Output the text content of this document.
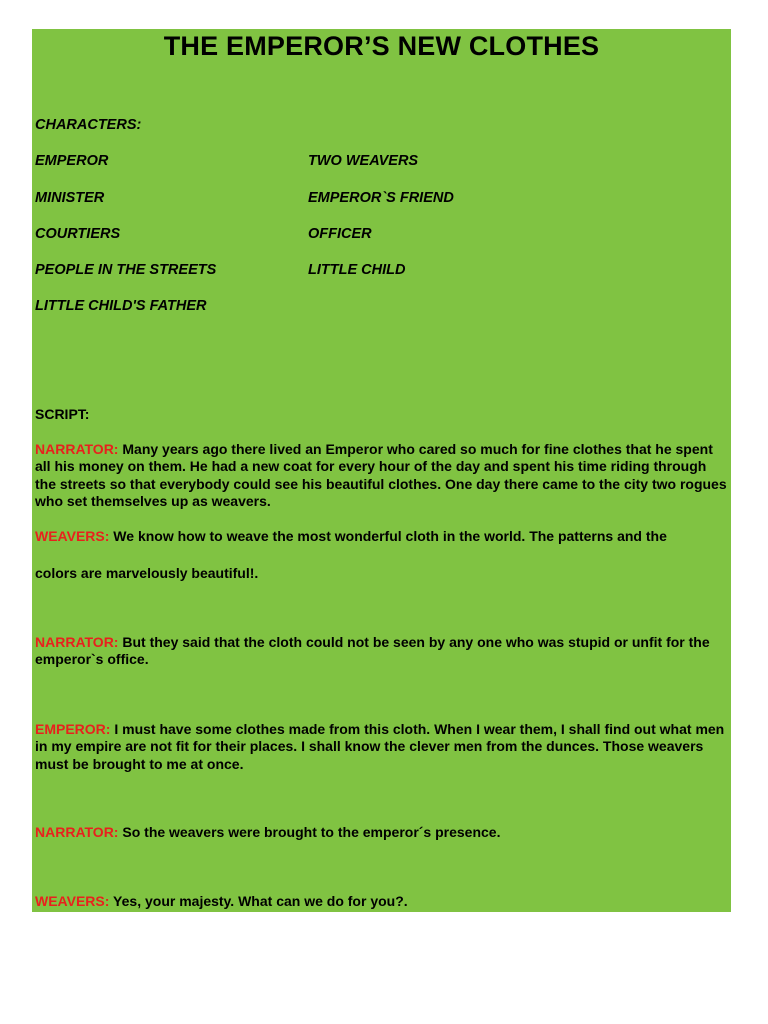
THE EMPEROR’S NEW CLOTHES

CHARACTERS:

EMPEROR	TWO WEAVERS

MINISTER	EMPEROR`S FRIEND

COURTIERS	OFFICER

PEOPLE IN THE STREETS	LITTLE CHILD

LITTLE CHILD'S FATHER

SCRIPT:

NARRATOR: Many years ago there lived an Emperor who cared so much for fine clothes that he spent all his money on them. He had a new coat for every hour of the day and spent his time riding through the streets so that everybody could see his beautiful clothes. One day there came to the city two rogues who set themselves up as weavers.

WEAVERS: We know how to weave the most wonderful cloth in the world. The patterns and the

colors are marvelously beautiful!.

NARRATOR: But they said that the cloth could not be seen by any one who was stupid or unfit for the emperor`s office.

EMPEROR: I must have some clothes made from this cloth. When I wear them, I shall find out what men in my empire are not fit for their places. I shall know the clever men from the dunces. Those weavers must be brought to me at once.

NARRATOR: So the weavers were brought to the emperor´s presence.

WEAVERS: Yes, your majesty. What can we do for you?.
